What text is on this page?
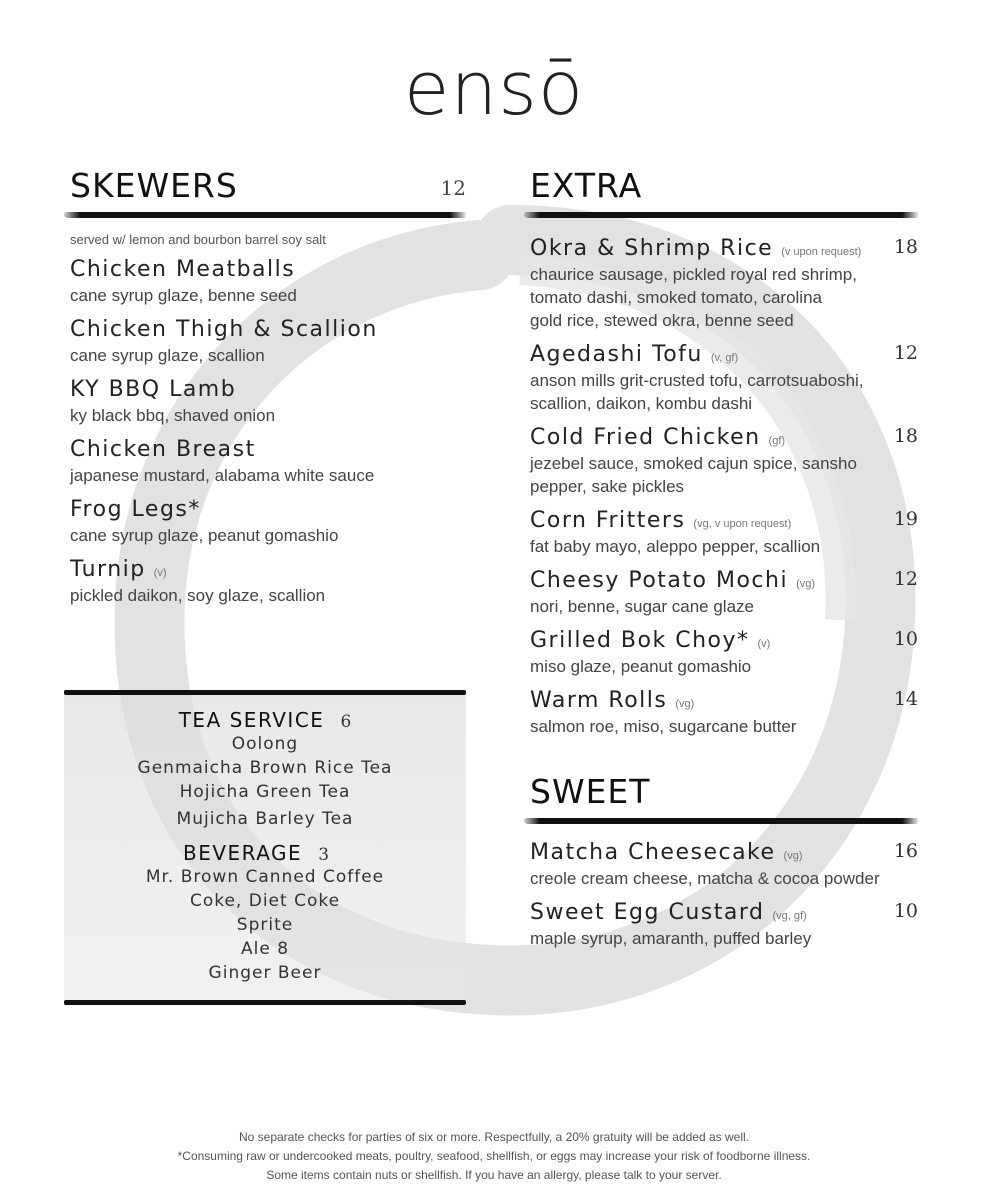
ensō
SKEWERS	12
served w/ lemon and bourbon barrel soy salt
Chicken Meatballs
cane syrup glaze, benne seed
Chicken Thigh & Scallion
cane syrup glaze, scallion
KY BBQ Lamb
ky black bbq, shaved onion
Chicken Breast
japanese mustard, alabama white sauce
Frog Legs*
cane syrup glaze, peanut gomashio
Turnip (v)
pickled daikon, soy glaze, scallion
EXTRA
Okra & Shrimp Rice (v upon request) 18
chaurice sausage, pickled royal red shrimp,
tomato dashi, smoked tomato, carolina
gold rice, stewed okra, benne seed
Agedashi Tofu (v, gf)	12
anson mills grit-crusted tofu, carrotsuaboshi,
scallion, daikon, kombu dashi
Cold Fried Chicken (gf)	18
jezebel sauce, smoked cajun spice, sansho
pepper, sake pickles
Corn Fritters (vg, v upon request)	19
fat baby mayo, aleppo pepper, scallion
Cheesy Potato Mochi (vg)	12
nori, benne, sugar cane glaze
Grilled Bok Choy* (v)	10
miso glaze, peanut gomashio
Warm Rolls (vg)	14
salmon roe, miso, sugarcane butter
SWEET
Matcha Cheesecake (vg)	16
creole cream cheese, matcha & cocoa powder
Sweet Egg Custard (vg, gf)	10
maple syrup, amaranth, puffed barley
TEA SERVICE 6
Oolong
Genmaicha Brown Rice Tea
Hojicha Green Tea
Mujicha Barley Tea
BEVERAGE 3
Mr. Brown Canned Coffee
Coke, Diet Coke
Sprite
Ale 8
Ginger Beer
No separate checks for parties of six or more. Respectfully, a 20% gratuity will be added as well.
*Consuming raw or undercooked meats, poultry, seafood, shellfish, or eggs may increase your risk of foodborne illness.
Some items contain nuts or shellfish. If you have an allergy, please talk to your server.
